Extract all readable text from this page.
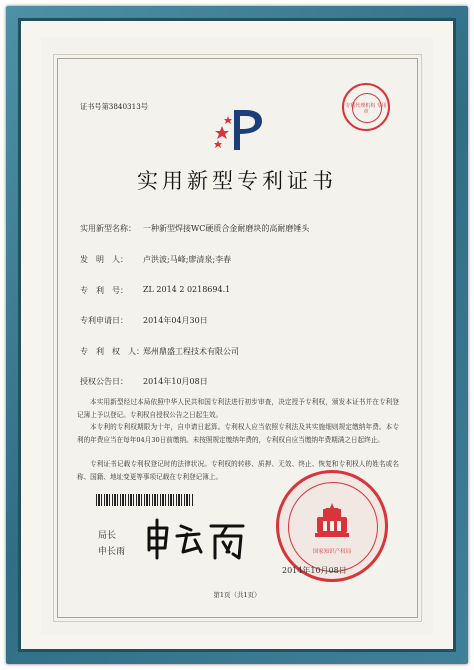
证书号第3840313号	专利代理机构 专用章
实用新型专利证书
实用新型名称： 一种新型焊接WC硬质合金耐磨块的高耐磨锤头
发　明　人： 卢洪波;马峰;廖清泉;李春
专　利　号： ZL 2014 2 0218694.1
专利申请日： 2014年04月30日
专　利　权　人： 郑州鼎盛工程技术有限公司
授权公告日： 2014年10月08日
本实用新型经过本局依照中华人民共和国专利法进行初步审查，决定授予专利权，颁发本证书并在专利登记簿上予以登记。专利权自授权公告之日起生效。
本专利的专利权期限为十年，自申请日起算。专利权人应当依照专利法及其实施细则规定缴纳年费。本专利的年费应当在每年04月30日前缴纳。未按照规定缴纳年费的，专利权自应当缴纳年费期满之日起终止。
专利证书记载专利权登记时的法律状况。专利权的转移、质押、无效、终止、恢复和专利权人的姓名或名称、国籍、地址变更等事项记载在专利登记簿上。
局长
申长雨	国家知识产权局
2014年10月08日
第1页（共1页）
